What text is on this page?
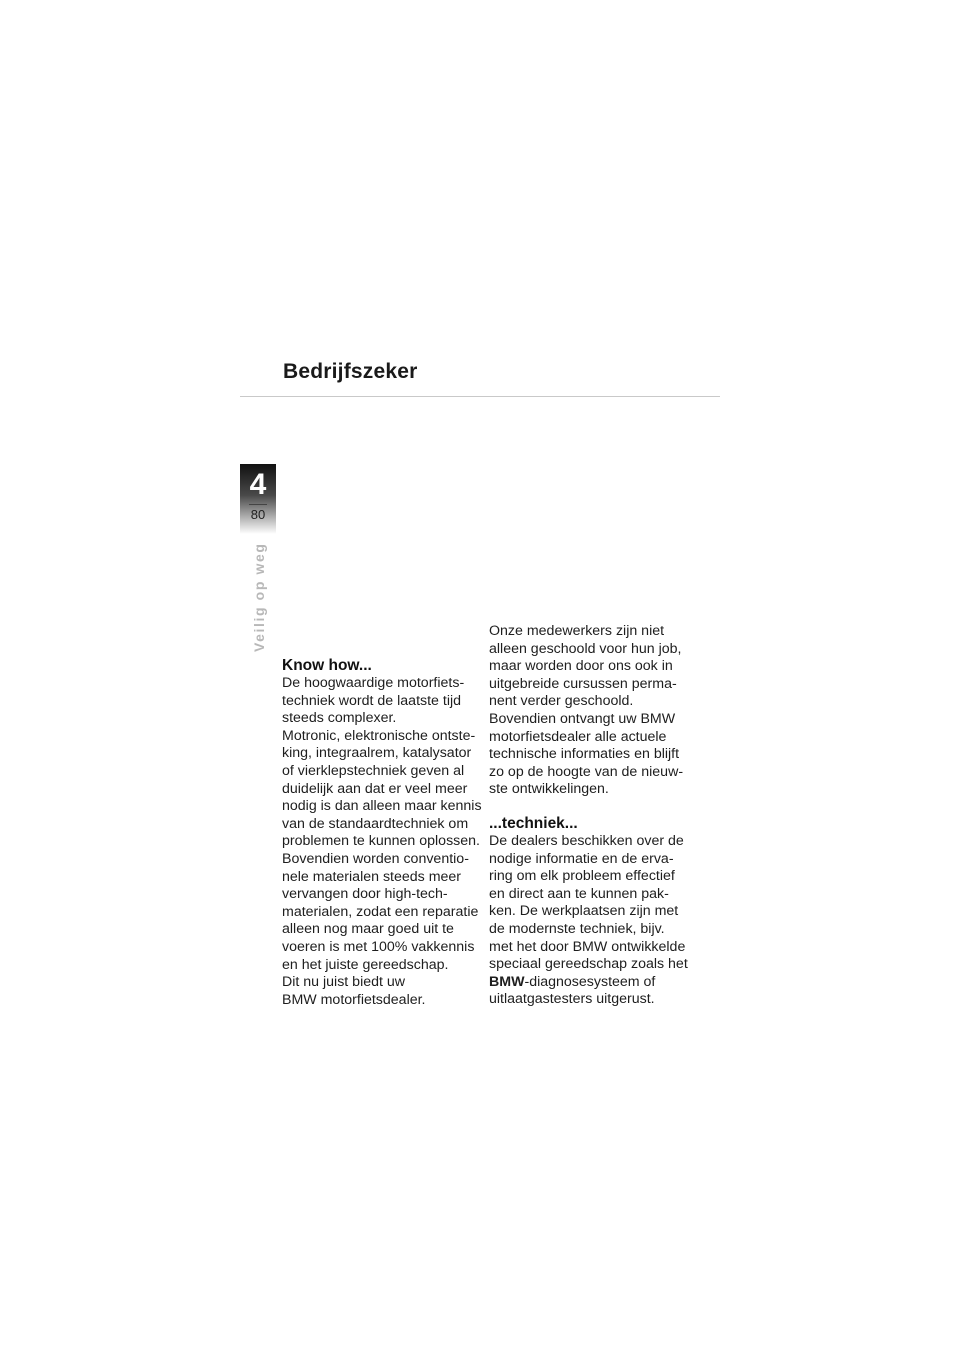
Bedrijfszeker
4
80
Veilig op weg
Know how...

De hoogwaardige motorfiets-

techniek wordt de laatste tijd

steeds complexer.

Motronic, elektronische ontste-

king, integraalrem, katalysator

of vierklepstechniek geven al

duidelijk aan dat er veel meer

nodig is dan alleen maar kennis

van de standaardtechniek om

problemen te kunnen oplossen.

Bovendien worden conventio-

nele materialen steeds meer

vervangen door high-tech-

materialen, zodat een reparatie

alleen nog maar goed uit te

voeren is met 100% vakkennis

en het juiste gereedschap.

Dit nu juist biedt uw

BMW motorfietsdealer.

Onze medewerkers zijn niet

alleen geschoold voor hun job,

maar worden door ons ook in

uitgebreide cursussen perma-

nent verder geschoold.

Bovendien ontvangt uw BMW

motorfietsdealer alle actuele

technische informaties en blijft

zo op de hoogte van de nieuw-

ste ontwikkelingen.

...techniek...

De dealers beschikken over de

nodige informatie en de erva-

ring om elk probleem effectief

en direct aan te kunnen pak-

ken. De werkplaatsen zijn met

de modernste techniek, bijv.

met het door BMW ontwikkelde

speciaal gereedschap zoals het

BMW-diagnosesysteem of

uitlaatgastesters uitgerust.
